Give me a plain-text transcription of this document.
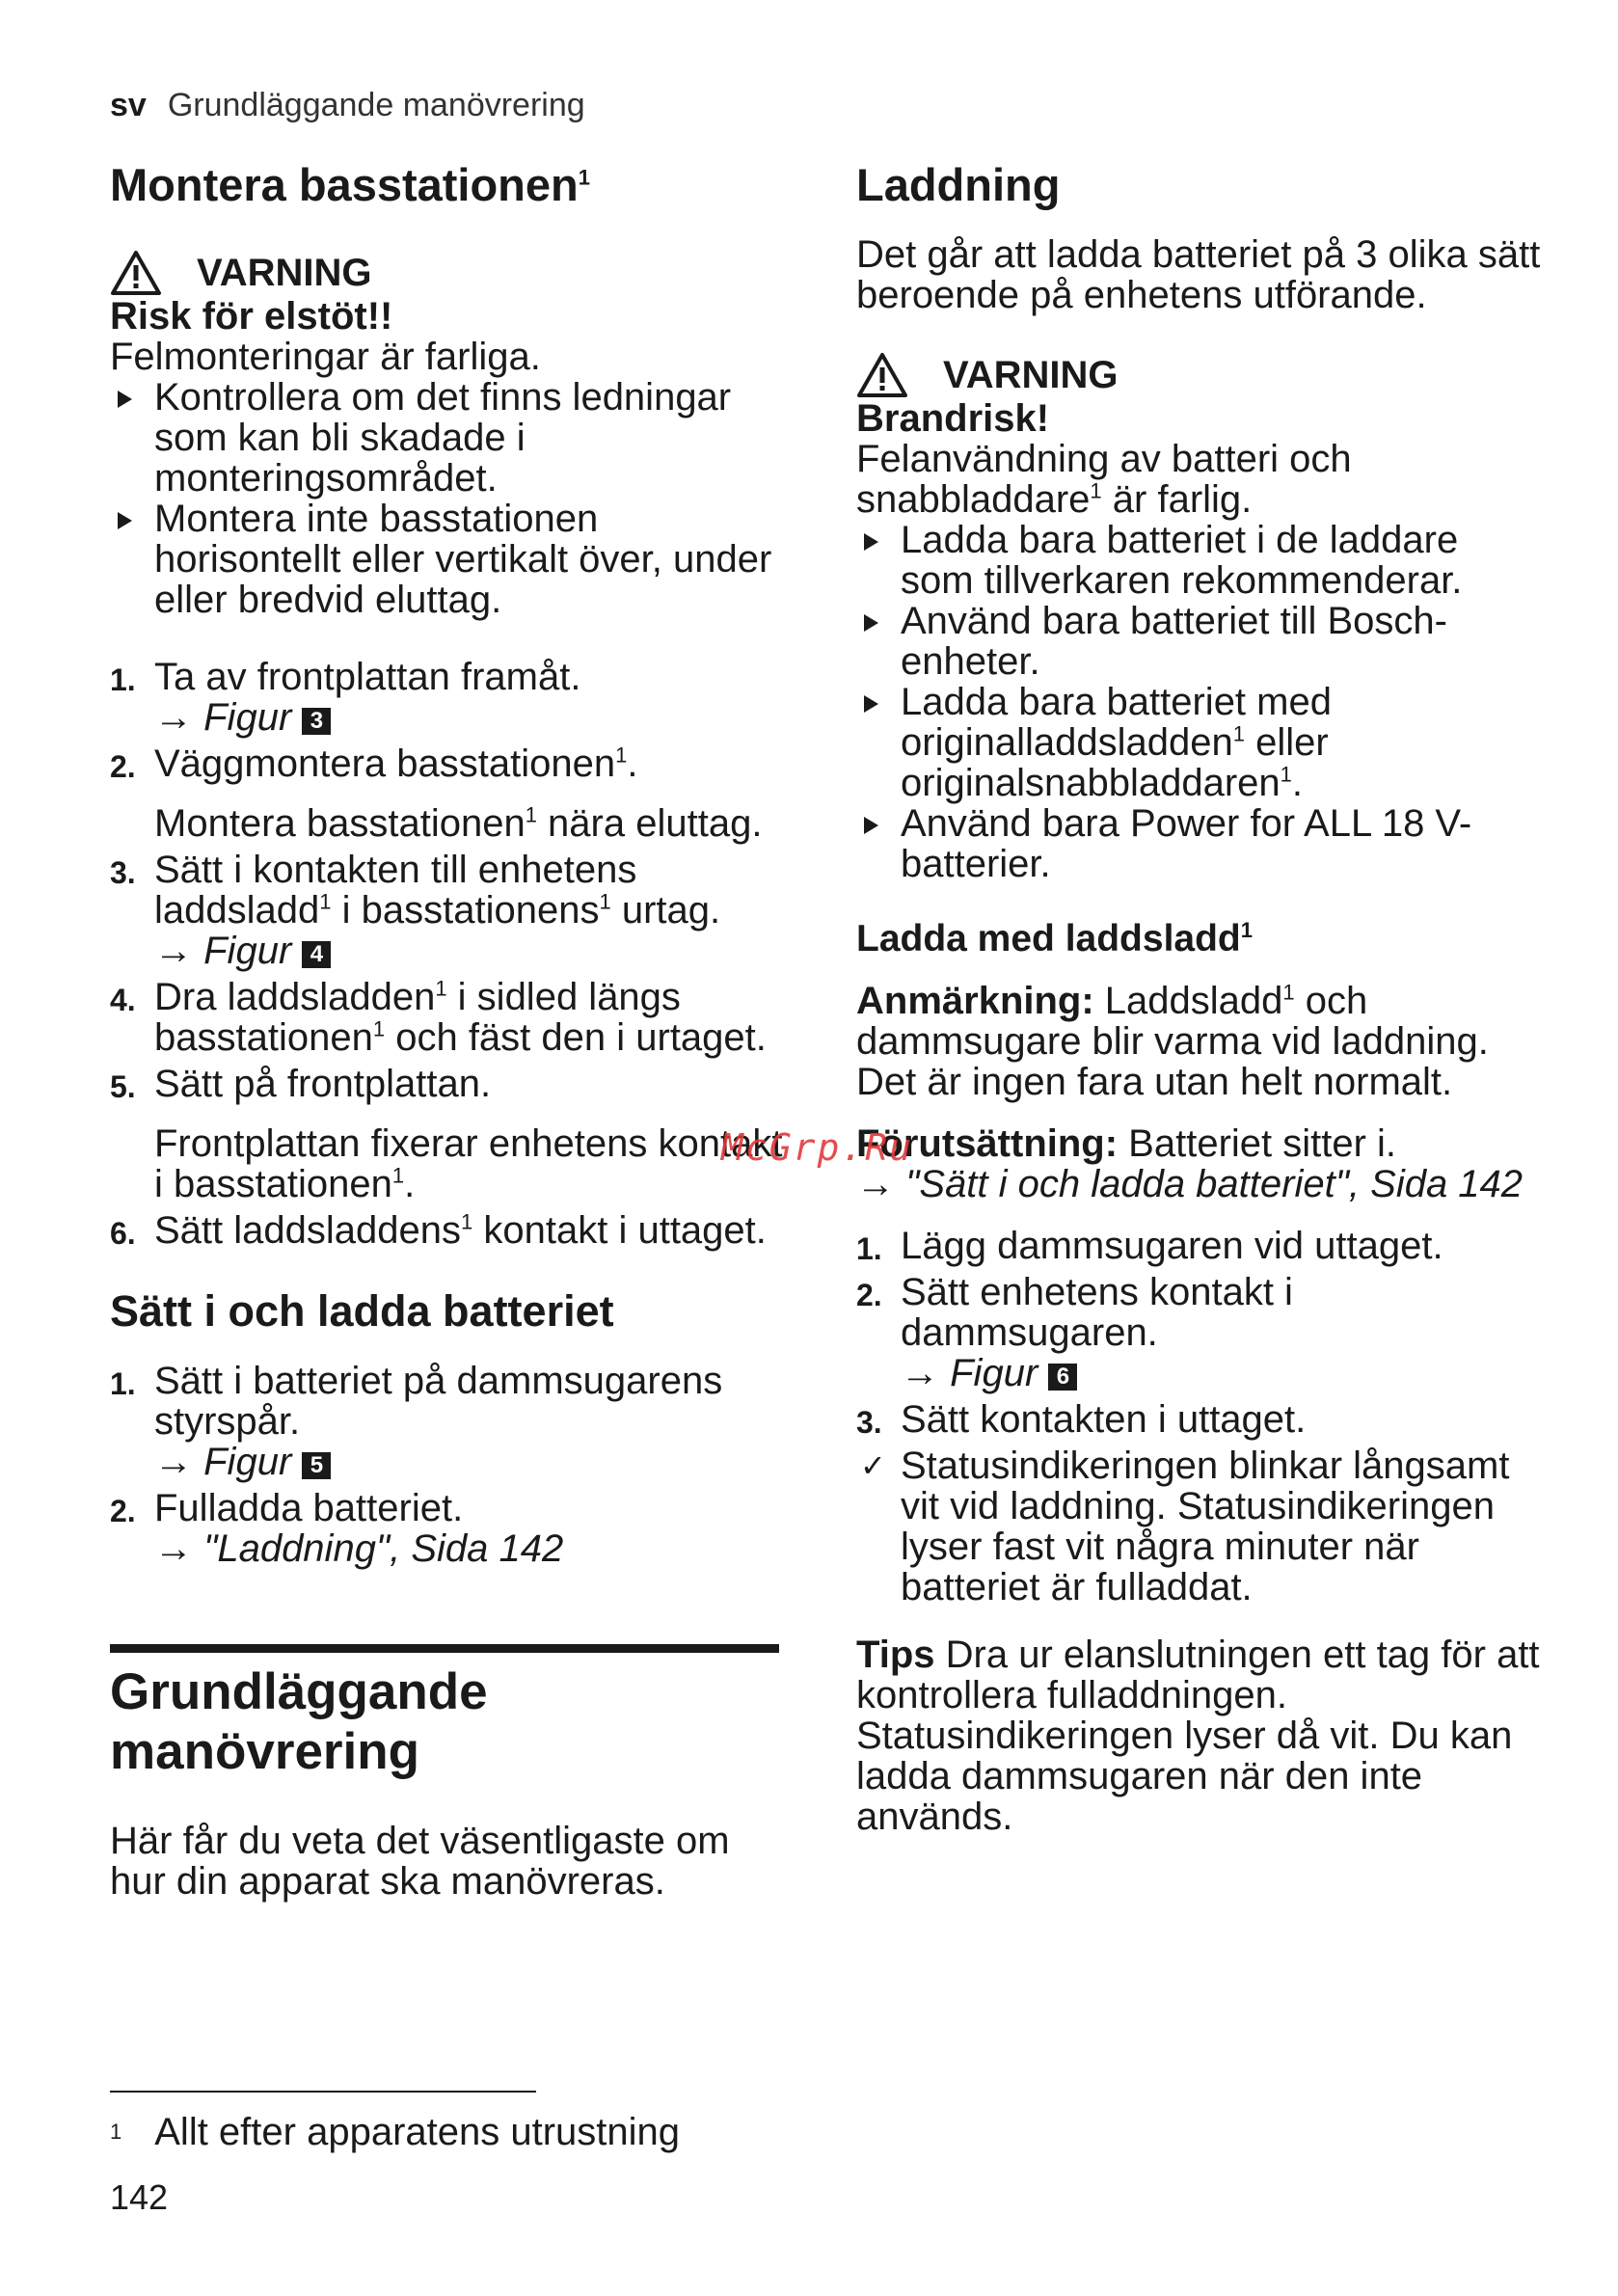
sv Grundläggande manövrering
Montera basstationen$^1$
VARNING

Risk för elstöt!!

Felmonteringar är farliga.

Kontrollera om det finns ledningar som kan bli skadade i monteringsområdet.
Montera inte basstationen horisontellt eller vertikalt över, under eller bredvid eluttag.
1. Ta av frontplattan framåt.
→ Figur 3
2. Väggmontera basstationen$^1$.

Montera basstationen$^1$ nära eluttag.

3. Sätt i kontakten till enhetens laddsladd$^1$ i basstationens$^1$ urtag.
→ Figur 4
4. Dra laddsladden$^1$ i sidled längs basstationen$^1$ och fäst den i urtaget.
5. Sätt på frontplattan.

Frontplattan fixerar enhetens kontakt i basstationen$^1$.

6. Sätt laddsladdens$^1$ kontakt i uttaget.
Sätt i och ladda batteriet
1. Sätt i batteriet på dammsugarens styrspår.
→ Figur 5
2. Fulladda batteriet.
→ "Laddning", Sida 142
Grundläggande
manövrering

Här får du veta det väsentligaste om hur din apparat ska manövreras.

Laddning

Det går att ladda batteriet på 3 olika sätt beroende på enhetens utförande.

VARNING

Brandrisk!

Felanvändning av batteri och snabbladdare$^1$ är farlig.

Ladda bara batteriet i de laddare som tillverkaren rekommenderar.
Använd bara batteriet till Bosch-enheter.
Ladda bara batteriet med originalladdsladden$^1$ eller originalsnabbladdaren$^1$.
Använd bara Power for ALL 18 V-batterier.
Ladda med laddsladd$^1$

Anmärkning: Laddsladd$^1$ och dammsugare blir varma vid laddning. Det är ingen fara utan helt normalt.

Förutsättning: Batteriet sitter i.

→ "Sätt i och ladda batteriet", Sida 142
1. Lägg dammsugaren vid uttaget.
2. Sätt enhetens kontakt i dammsugaren.
→ Figur 6
3. Sätt kontakten i uttaget.
✓ Statusindikeringen blinkar långsamt vit vid laddning. Statusindikeringen lyser fast vit några minuter när batteriet är fulladdat.

Tips Dra ur elanslutningen ett tag för att kontrollera fulladdningen. Statusindikeringen lyser då vit. Du kan ladda dammsugaren när den inte används.

McGrp.Ru
$^1$ Allt efter apparatens utrustning
142
